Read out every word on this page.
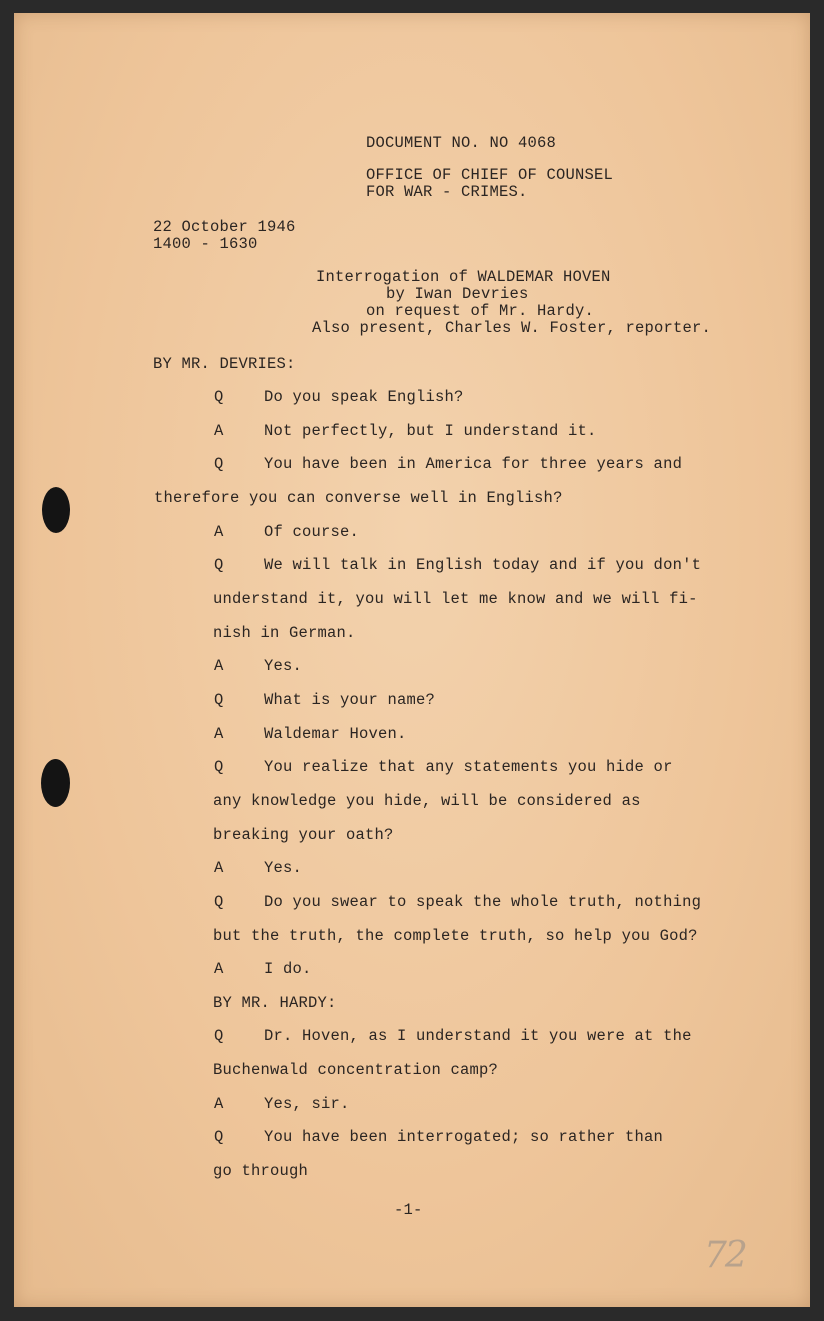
DOCUMENT NO. NO 4068
OFFICE OF CHIEF OF COUNSEL
FOR WAR - CRIMES.
22 October 1946
1400 - 1630
Interrogation of WALDEMAR HOVEN
by Iwan Devries
on request of Mr. Hardy.
Also present, Charles W. Foster, reporter.
BY MR. DEVRIES:
Q	Do you speak English?
A	Not perfectly, but I understand it.
Q	You have been in America for three years and
therefore you can converse well in English?
A	Of course.
Q	We will talk in English today and if you don't
understand it, you will let me know and we will fi-
nish in German.
A	Yes.
Q	What is your name?
A	Waldemar Hoven.
Q	You realize that any statements you hide or
any knowledge you hide, will be considered as
breaking your oath?
A	Yes.
Q	Do you swear to speak the whole truth, nothing
but the truth, the complete truth, so help you God?
A	I do.
BY MR. HARDY:
Q	Dr. Hoven, as I understand it you were at the
Buchenwald concentration camp?
A	Yes, sir.
Q	You have been interrogated; so rather than
go through
-1-
72
